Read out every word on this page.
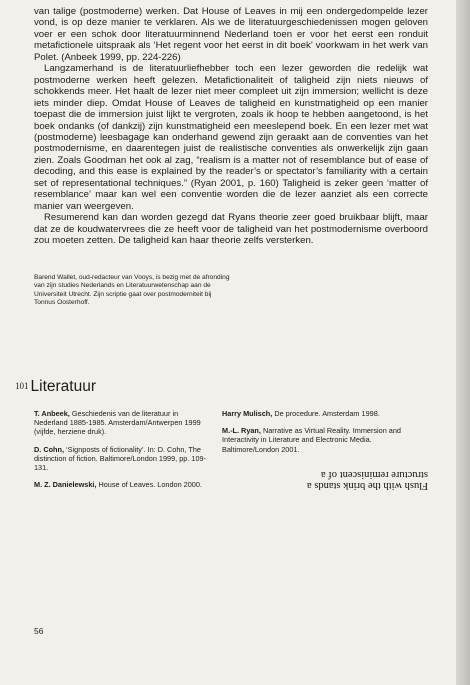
van talige (postmoderne) werken. Dat House of Leaves in mij een ondergedompelde lezer vond, is op deze manier te verklaren. Als we de literatuurgeschiedenissen mogen geloven voer er een schok door literatuurminnend Nederland toen er voor het eerst een ronduit metafictionele uitspraak als ‘Het regent voor het eerst in dit boek’ voorkwam in het werk van Polet. (Anbeek 1999, pp. 224-226)

Langzamerhand is de literatuurliefhebber toch een lezer geworden die redelijk wat postmoderne werken heeft gelezen. Metafictionaliteit of taligheid zijn niets nieuws of schokkends meer. Het haalt de lezer niet meer compleet uit zijn immersion; wellicht is deze iets minder diep. Omdat House of Leaves de taligheid en kunstmatigheid op een manier toepast die de immersion juist lijkt te vergroten, zoals ik hoop te hebben aangetoond, is het boek ondanks (of dankzij) zijn kunstmatigheid een meeslepend boek. En een lezer met wat (postmoderne) leesbagage kan onderhand gewend zijn geraakt aan de conventies van het postmodernisme, en daarentegen juist de realistische conventies als onwerkelijk zijn gaan zien. Zoals Goodman het ook al zag, “realism is a matter not of resemblance but of ease of decoding, and this ease is explained by the reader’s or spectator’s familiarity with a certain set of representational techniques.” (Ryan 2001, p. 160) Taligheid is zeker geen ‘matter of resemblance’ maar kan wel een conventie worden die de lezer aanziet als een correcte manier van weergeven.

Resumerend kan dan worden gezegd dat Ryans theorie zeer goed bruikbaar blijft, maar dat ze de koudwatervrees die ze heeft voor de taligheid van het postmodernisme overboord zou moeten zetten. De taligheid kan haar theorie zelfs versterken.

Barend Wallet, oud-redacteur van Vooys, is bezig met de afronding van zijn studies Nederlands en Literatuurwetenschap aan de Universiteit Utrecht. Zijn scriptie gaat over postmoderniteit bij Tonnus Oosterhoff.
$^{101}$ Literatuur

T. Anbeek, Geschiedenis van de literatuur in Nederland 1885-1985. Amsterdam/Antwerpen 1999 (vijfde, herziene druk).

D. Cohn, ‘Signposts of fictionality’. In: D. Cohn, The distinction of fiction. Baltimore/London 1999, pp. 109-131.

M. Z. Danielewski, House of Leaves. London 2000.

Harry Mulisch, De procedure. Amsterdam 1998.

M.-L. Ryan, Narrative as Virtual Reality. Immersion and Interactivity in Literature and Electronic Media. Baltimore/London 2001.

Flush with the brink stands a structure reminiscent of a
56
